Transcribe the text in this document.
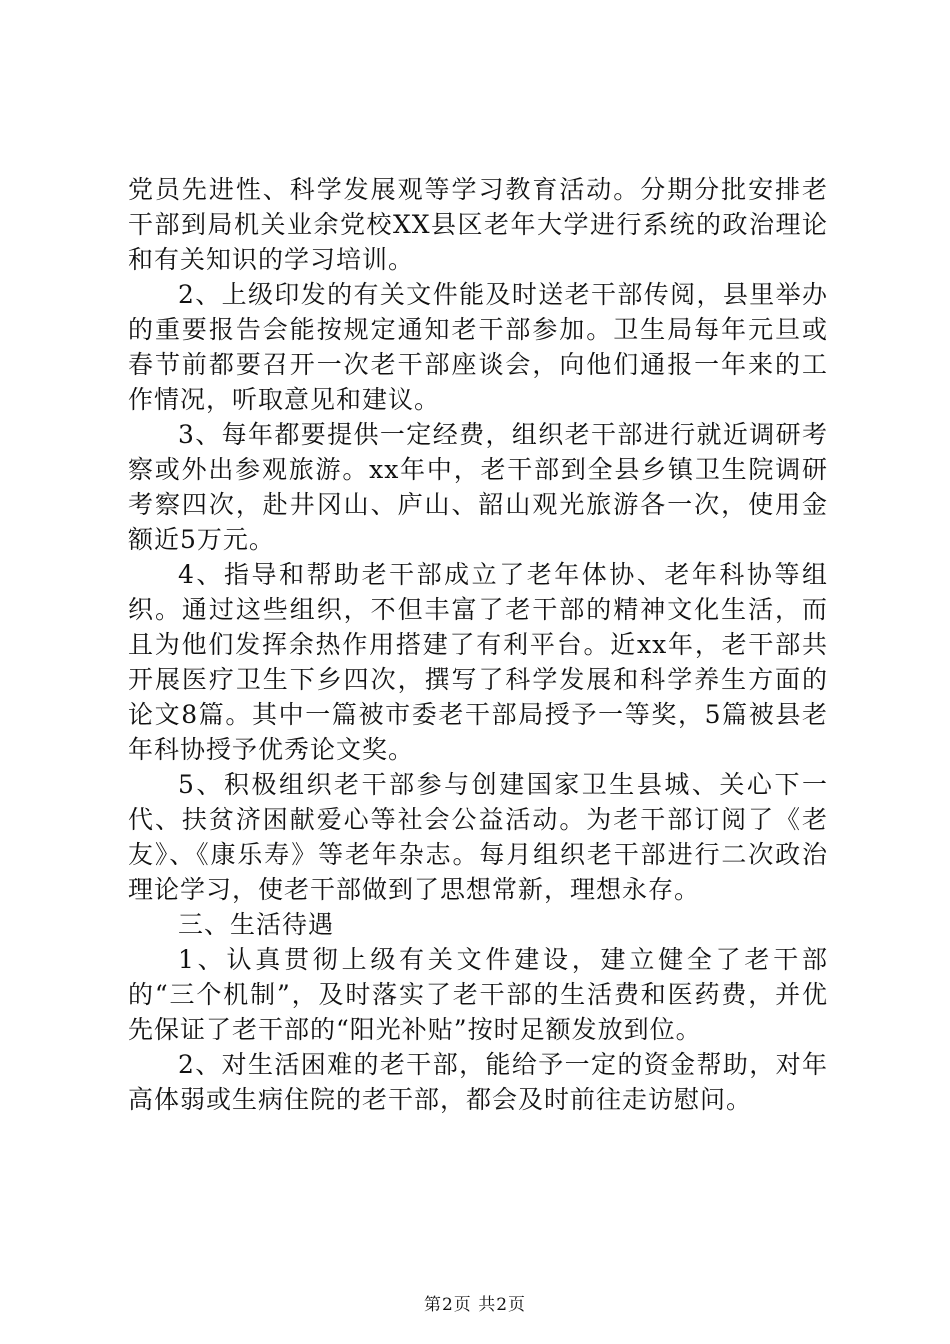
党员先进性、科学发展观等学习教育活动。分期分批安排老干部到局机关业余党校XX县区老年大学进行系统的政治理论和有关知识的学习培训。

2、上级印发的有关文件能及时送老干部传阅，县里举办的重要报告会能按规定通知老干部参加。卫生局每年元旦或春节前都要召开一次老干部座谈会，向他们通报一年来的工作情况，听取意见和建议。

3、每年都要提供一定经费，组织老干部进行就近调研考察或外出参观旅游。xx年中，老干部到全县乡镇卫生院调研考察四次，赴井冈山、庐山、韶山观光旅游各一次，使用金额近5万元。

4、指导和帮助老干部成立了老年体协、老年科协等组织。通过这些组织，不但丰富了老干部的精神文化生活，而且为他们发挥余热作用搭建了有利平台。近xx年，老干部共开展医疗卫生下乡四次，撰写了科学发展和科学养生方面的论文8篇。其中一篇被市委老干部局授予一等奖，5篇被县老年科协授予优秀论文奖。

5、积极组织老干部参与创建国家卫生县城、关心下一代、扶贫济困献爱心等社会公益活动。为老干部订阅了《老友》、《康乐寿》等老年杂志。每月组织老干部进行二次政治理论学习，使老干部做到了思想常新，理想永存。

三、生活待遇

1、认真贯彻上级有关文件建设，建立健全了老干部的“三个机制”，及时落实了老干部的生活费和医药费，并优先保证了老干部的“阳光补贴”按时足额发放到位。

2、对生活困难的老干部，能给予一定的资金帮助，对年高体弱或生病住院的老干部，都会及时前往走访慰问。

第2页 共2页
